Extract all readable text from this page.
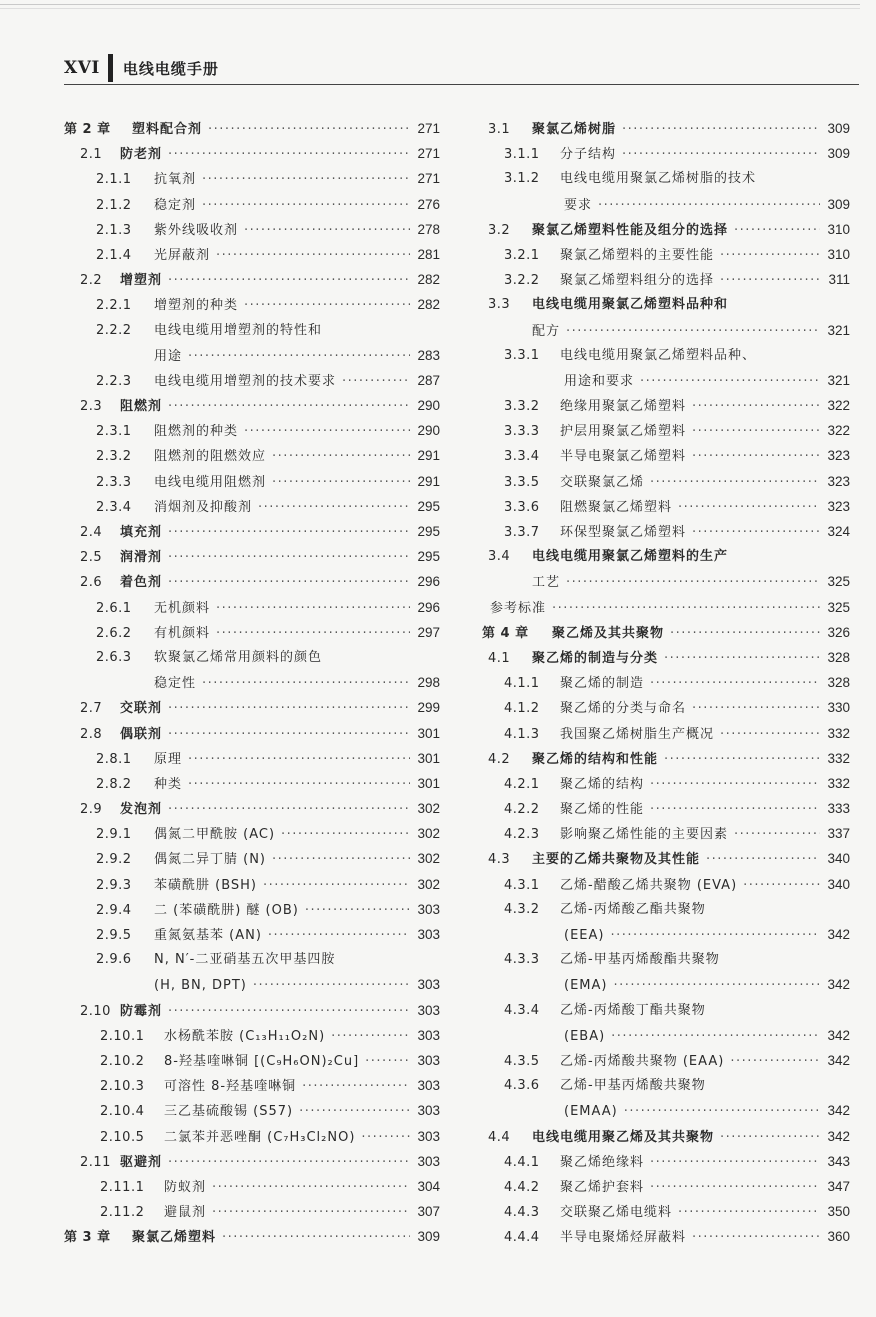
XVI 电线电缆手册
第 2 章	塑料配合剂 ·····	271
2.1	防老剂 ·····	271
2.1.1	抗氧剂 ·····	271
2.1.2	稳定剂 ·····	276
2.1.3	紫外线吸收剂 ·····	278
2.1.4	光屏蔽剂 ·····	281
2.2	增塑剂 ·····	282
2.2.1	增塑剂的种类 ·····	282
2.2.2	电线电缆用增塑剂的特性和
用途 ·····	283
2.2.3	电线电缆用增塑剂的技术要求 ·····	287
2.3	阻燃剂 ·····	290
2.3.1	阻燃剂的种类 ·····	290
2.3.2	阻燃剂的阻燃效应 ·····	291
2.3.3	电线电缆用阻燃剂 ·····	291
2.3.4	消烟剂及抑酸剂 ·····	295
2.4	填充剂 ·····	295
2.5	润滑剂 ·····	295
2.6	着色剂 ·····	296
2.6.1	无机颜料 ·····	296
2.6.2	有机颜料 ·····	297
2.6.3	软聚氯乙烯常用颜料的颜色
稳定性 ·····	298
2.7	交联剂 ·····	299
2.8	偶联剂 ·····	301
2.8.1	原理 ·····	301
2.8.2	种类 ·····	301
2.9	发泡剂 ·····	302
2.9.1	偶氮二甲酰胺 (AC) ·····	302
2.9.2	偶氮二异丁腈 (N) ·····	302
2.9.3	苯磺酰肼 (BSH) ·····	302
2.9.4	二 (苯磺酰肼) 醚 (OB) ·····	303
2.9.5	重氮氨基苯 (AN) ·····	303
2.9.6	N, N′-二亚硝基五次甲基四胺
(H, BN, DPT) ·····	303
2.10 防霉剂 ·····	303
2.10.1	水杨酰苯胺 (C₁₃H₁₁O₂N) ·····	303
2.10.2	8-羟基喹啉铜 [(C₉H₆ON)₂Cu] ·····	303
2.10.3	可溶性 8-羟基喹啉铜 ·····	303
2.10.4	三乙基硫酸锡 (S57) ·····	303
2.10.5	二氯苯并恶唑酮 (C₇H₃Cl₂NO) ·····	303
2.11 驱避剂 ·····	303
2.11.1	防蚁剂 ·····	304
2.11.2	避鼠剂 ·····	307
第 3 章	聚氯乙烯塑料 ·····	309
3.1	聚氯乙烯树脂 ·····	309
3.1.1	分子结构 ·····	309
3.1.2	电线电缆用聚氯乙烯树脂的技术
要求 ·····	309
3.2	聚氯乙烯塑料性能及组分的选择 ·····	310
3.2.1	聚氯乙烯塑料的主要性能 ·····	310
3.2.2	聚氯乙烯塑料组分的选择 ·····	311
3.3	电线电缆用聚氯乙烯塑料品种和
配方 ·····	321
3.3.1	电线电缆用聚氯乙烯塑料品种、
用途和要求 ·····	321
3.3.2	绝缘用聚氯乙烯塑料 ·····	322
3.3.3	护层用聚氯乙烯塑料 ·····	322
3.3.4	半导电聚氯乙烯塑料 ·····	323
3.3.5	交联聚氯乙烯 ·····	323
3.3.6	阻燃聚氯乙烯塑料 ·····	323
3.3.7	环保型聚氯乙烯塑料 ·····	324
3.4	电线电缆用聚氯乙烯塑料的生产
工艺 ·····	325
参考标准 ·····	325
第 4 章	聚乙烯及其共聚物 ·····	326
4.1	聚乙烯的制造与分类 ·····	328
4.1.1	聚乙烯的制造 ·····	328
4.1.2	聚乙烯的分类与命名 ·····	330
4.1.3	我国聚乙烯树脂生产概况 ·····	332
4.2	聚乙烯的结构和性能 ·····	332
4.2.1	聚乙烯的结构 ·····	332
4.2.2	聚乙烯的性能 ·····	333
4.2.3	影响聚乙烯性能的主要因素 ·····	337
4.3	主要的乙烯共聚物及其性能 ·····	340
4.3.1	乙烯-醋酸乙烯共聚物 (EVA) ·····	340
4.3.2	乙烯-丙烯酸乙酯共聚物
(EEA) ·····	342
4.3.3	乙烯-甲基丙烯酸酯共聚物
(EMA) ·····	342
4.3.4	乙烯-丙烯酸丁酯共聚物
(EBA) ·····	342
4.3.5	乙烯-丙烯酸共聚物 (EAA) ·····	342
4.3.6	乙烯-甲基丙烯酸共聚物
(EMAA) ·····	342
4.4	电线电缆用聚乙烯及其共聚物 ·····	342
4.4.1	聚乙烯绝缘料 ·····	343
4.4.2	聚乙烯护套料 ·····	347
4.4.3	交联聚乙烯电缆料 ·····	350
4.4.4	半导电聚烯烃屏蔽料 ·····	360
